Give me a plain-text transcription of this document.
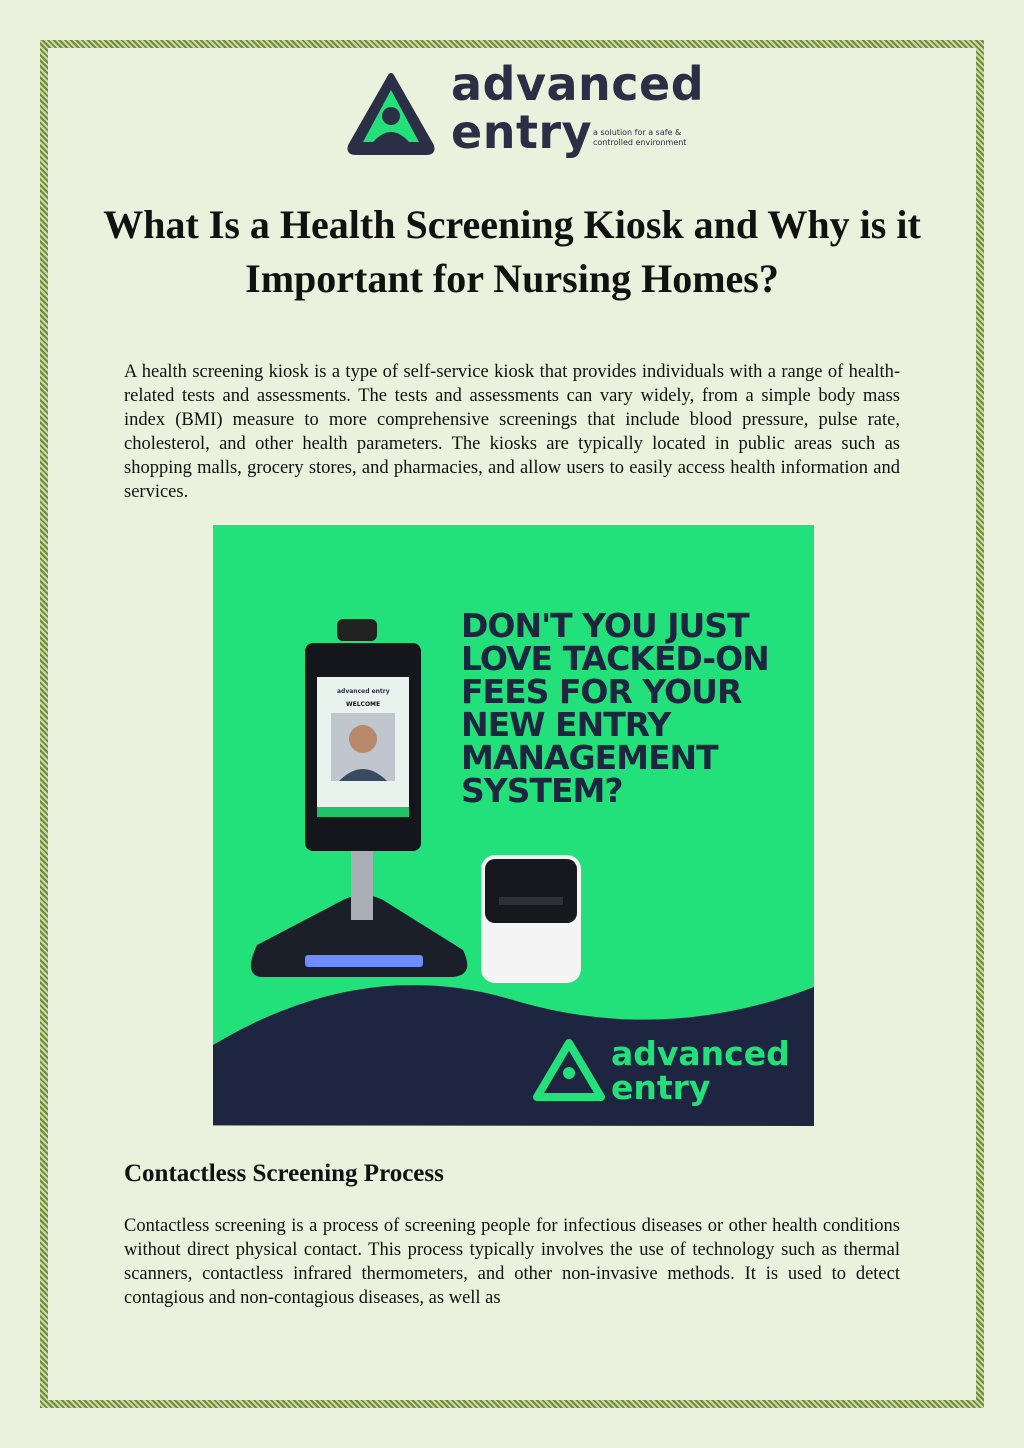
advanced
entry a solution for a safe & controlled environment
What Is a Health Screening Kiosk and Why is it Important for Nursing Homes?

A health screening kiosk is a type of self-service kiosk that provides individuals with a range of health-related tests and assessments. The tests and assessments can vary widely, from a simple body mass index (BMI) measure to more comprehensive screenings that include blood pressure, pulse rate, cholesterol, and other health parameters. The kiosks are typically located in public areas such as shopping malls, grocery stores, and pharmacies, and allow users to easily access health information and services.

advanced entry
WELCOME
DON'T YOU JUST LOVE TACKED-ON FEES FOR YOUR NEW ENTRY MANAGEMENT SYSTEM?
advanced
entry
Contactless Screening Process

Contactless screening is a process of screening people for infectious diseases or other health conditions without direct physical contact. This process typically involves the use of technology such as thermal scanners, contactless infrared thermometers, and other non-invasive methods. It is used to detect contagious and non-contagious diseases, as well as
